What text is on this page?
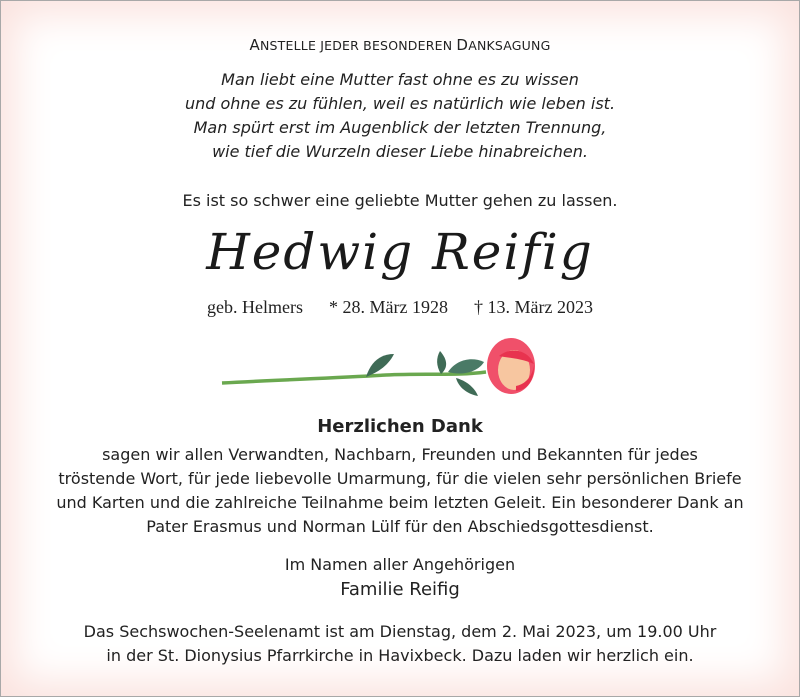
ANSTELLE JEDER BESONDEREN DANKSAGUNG
Man liebt eine Mutter fast ohne es zu wissen
und ohne es zu fühlen, weil es natürlich wie leben ist.
Man spürt erst im Augenblick der letzten Trennung,
wie tief die Wurzeln dieser Liebe hinabreichen.
Es ist so schwer eine geliebte Mutter gehen zu lassen.
Hedwig Reifig
geb. Helmers * 28. März 1928 † 13. März 2023
Herzlichen Dank
sagen wir allen Verwandten, Nachbarn, Freunden und Bekannten für jedes
tröstende Wort, für jede liebevolle Umarmung, für die vielen sehr persönlichen Briefe
und Karten und die zahlreiche Teilnahme beim letzten Geleit. Ein besonderer Dank an
Pater Erasmus und Norman Lülf für den Abschiedsgottesdienst.
Im Namen aller Angehörigen
Familie Reifig
Das Sechswochen-Seelenamt ist am Dienstag, dem 2. Mai 2023, um 19.00 Uhr
in der St. Dionysius Pfarrkirche in Havixbeck. Dazu laden wir herzlich ein.
